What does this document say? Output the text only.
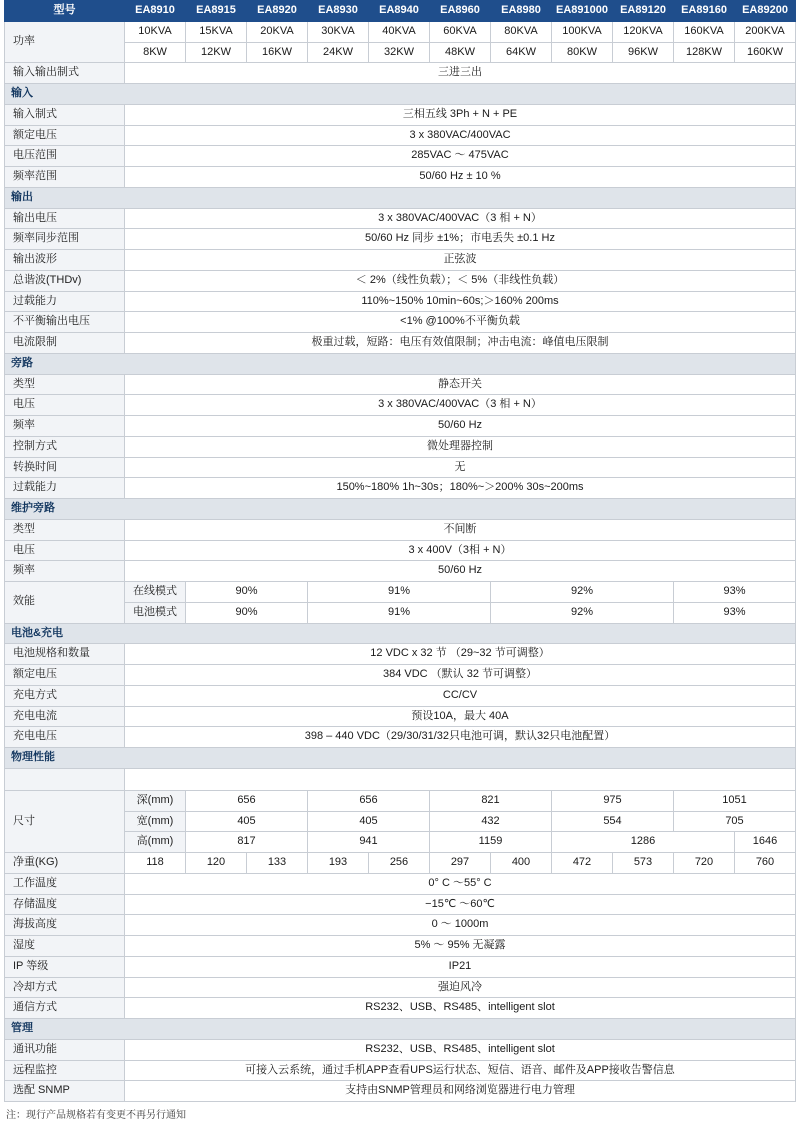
型号	EA8910	EA8915	EA8920	EA8930	EA8940	EA8960	EA8980	EA891000	EA89120	EA89160	EA89200
功率	10KVA	15KVA	20KVA	30KVA	40KVA	60KVA	80KVA	100KVA	120KVA	160KVA	200KVA
	8KW	12KW	16KW	24KW	32KW	48KW	64KW	80KW	96KW	128KW	160KW
输入输出制式	三进三出										
输入											
输入制式	三相五线 3Ph + N + PE										
额定电压	3 x 380VAC/400VAC										
电压范围	285VAC ～ 475VAC										
频率范围	50/60 Hz ± 10 %										
输出											
输出电压	3 x 380VAC/400VAC（3 相 + N）										
频率同步范围	50/60 Hz 同步 ±1%；市电丢失 ±0.1 Hz										
输出波形	正弦波										
总谐波(THDv)	＜ 2%（线性负载）；＜ 5%（非线性负载）										
过载能力	110%~150% 10min~60s;＞160% 200ms										
不平衡输出电压	<1% @100%不平衡负载										
电流限制	极重过载，短路：电压有效值限制；冲击电流：峰值电压限制										
旁路											
类型	静态开关										
电压	3 x 380VAC/400VAC（3 相 + N）										
频率	50/60 Hz										
控制方式	微处理器控制										
转换时间	无										
过载能力	150%~180% 1h~30s；180%~＞200% 30s~200ms										
维护旁路											
类型	不间断										
电压	3 x 400V（3相 + N）										
频率	50/60 Hz										
效能	在线模式	90%		91%			92%			93%	
	电池模式	90%		91%			92%			93%	
电池&充电											
电池规格和数量	12 VDC x 32 节 （29~32 节可调整）										
额定电压	384 VDC （默认 32 节可调整）										
充电方式	CC/CV										
充电电流	预设10A，最大 40A										
充电电压	398 – 440 VDC（29/30/31/32只电池可调，默认32只电池配置）										
物理性能											

尺寸	深(mm)	656		656		821		975		1051	
	宽(mm)	405		405		432		554		705	
	高(mm)	817		941		1159		1286			1646
净重(KG)	118	120	133	193	256	297	400	472	573	720	760
工作温度	0° C ～55° C										
存储温度	−15℃ ～60℃										
海拔高度	0 ～ 1000m										
湿度	5% ～ 95% 无凝露										
IP 等级	IP21										
冷却方式	强迫风冷										
通信方式	RS232、USB、RS485、intelligent slot										
管理											
通讯功能	RS232、USB、RS485、intelligent slot										
远程监控	可接入云系统，通过手机APP查看UPS运行状态、短信、语音、邮件及APP接收告警信息										
选配 SNMP	支持由SNMP管理员和网络浏览器进行电力管理										
注：现行产品规格若有变更不再另行通知
